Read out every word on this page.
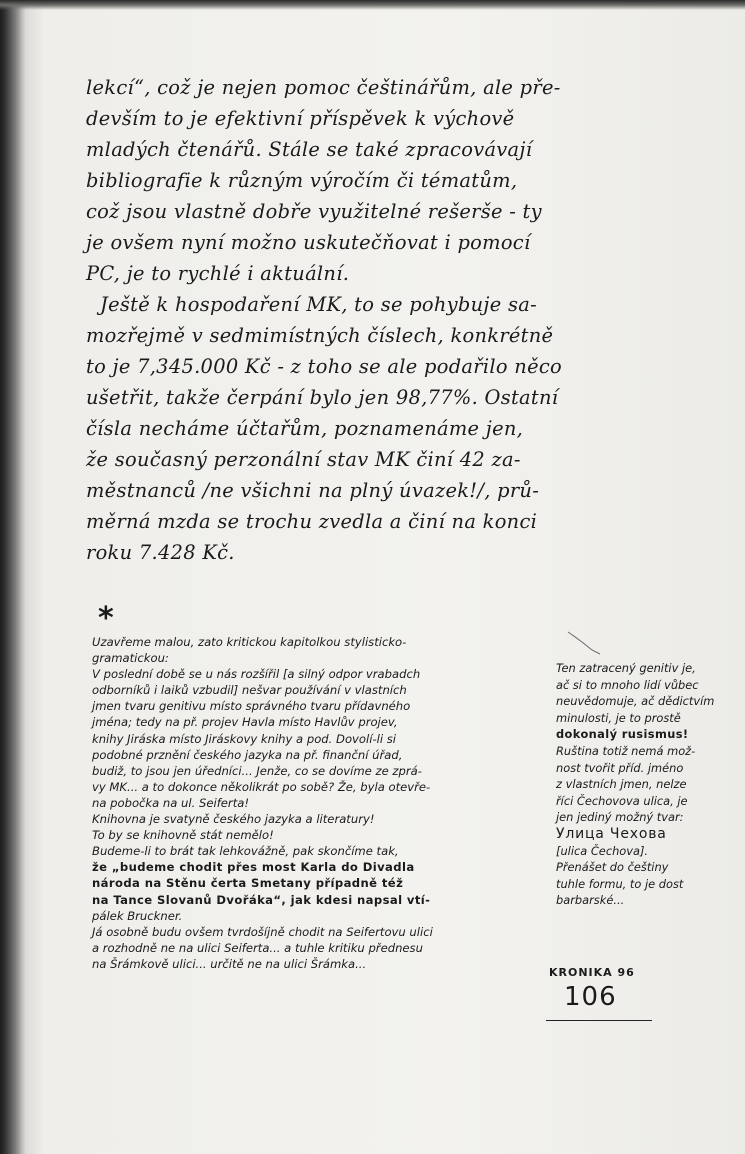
lekcí“, což je nejen pomoc češtinářům, ale pře-
devším to je efektivní příspěvek k výchově
mladých čtenářů. Stále se také zpracovávají
bibliografie k různým výročím či tématům,
což jsou vlastně dobře využitelné rešerše - ty
je ovšem nyní možno uskutečňovat i pomocí
PC, je to rychlé i aktuální.
Ještě k hospodaření MK, to se pohybuje sa-
mozřejmě v sedmimístných číslech, konkrétně
to je 7,345.000 Kč - z toho se ale podařilo něco
ušetřit, takže čerpání bylo jen 98,77%. Ostatní
čísla necháme účtařům, poznamenáme jen,
že současný perzonální stav MK činí 42 za-
městnanců /ne všichni na plný úvazek!/, prů-
měrná mzda se trochu zvedla a činí na konci
roku 7.428 Kč.

*

Uzavřeme malou, zato kritickou kapitolkou stylisticko-
gramatickou:
V poslední době se u nás rozšířil [a silný odpor vrabadch
odborníků i laiků vzbudil] nešvar používání v vlastních
jmen tvaru genitivu místo správného tvaru přídavného
jména; tedy na př. projev Havla místo Havlův projev,
knihy Jiráska místo Jiráskovy knihy a pod. Dovolí-li si
podobné prznění českého jazyka na př. finanční úřad,
budiž, to jsou jen úředníci... Jenže, co se dovíme ze zprá-
vy MK... a to dokonce několikrát po sobě? Že, byla otevře-
na pobočka na ul. Seiferta!
Knihovna je svatyně českého jazyka a literatury!
To by se knihovně stát nemělo!
Budeme-li to brát tak lehkovážně, pak skončíme tak,
že „budeme chodit přes most Karla do Divadla
národa na Stěnu čerta Smetany případně též
na Tance Slovanů Dvořáka“, jak kdesi napsal vtí-
pálek Bruckner.
Já osobně budu ovšem tvrdošíjně chodit na Seifertovu ulici
a rozhodně ne na ulici Seiferta... a tuhle kritiku přednesu
na Šrámkově ulici... určitě ne na ulici Šrámka...

Ten zatracený genitiv je,
ač si to mnoho lidí vůbec
neuvědomuje, ač dědictvím
minulosti, je to prostě
dokonalý rusismus!
Ruština totiž nemá mož-
nost tvořit příd. jméno
z vlastních jmen, nelze
říci Čechovova ulica, je
jen jediný možný tvar:
Улица Чехова
[ulica Čechova].
Přenášet do češtiny
tuhle formu, to je dost
barbarské...

KRONIKA 96
106
